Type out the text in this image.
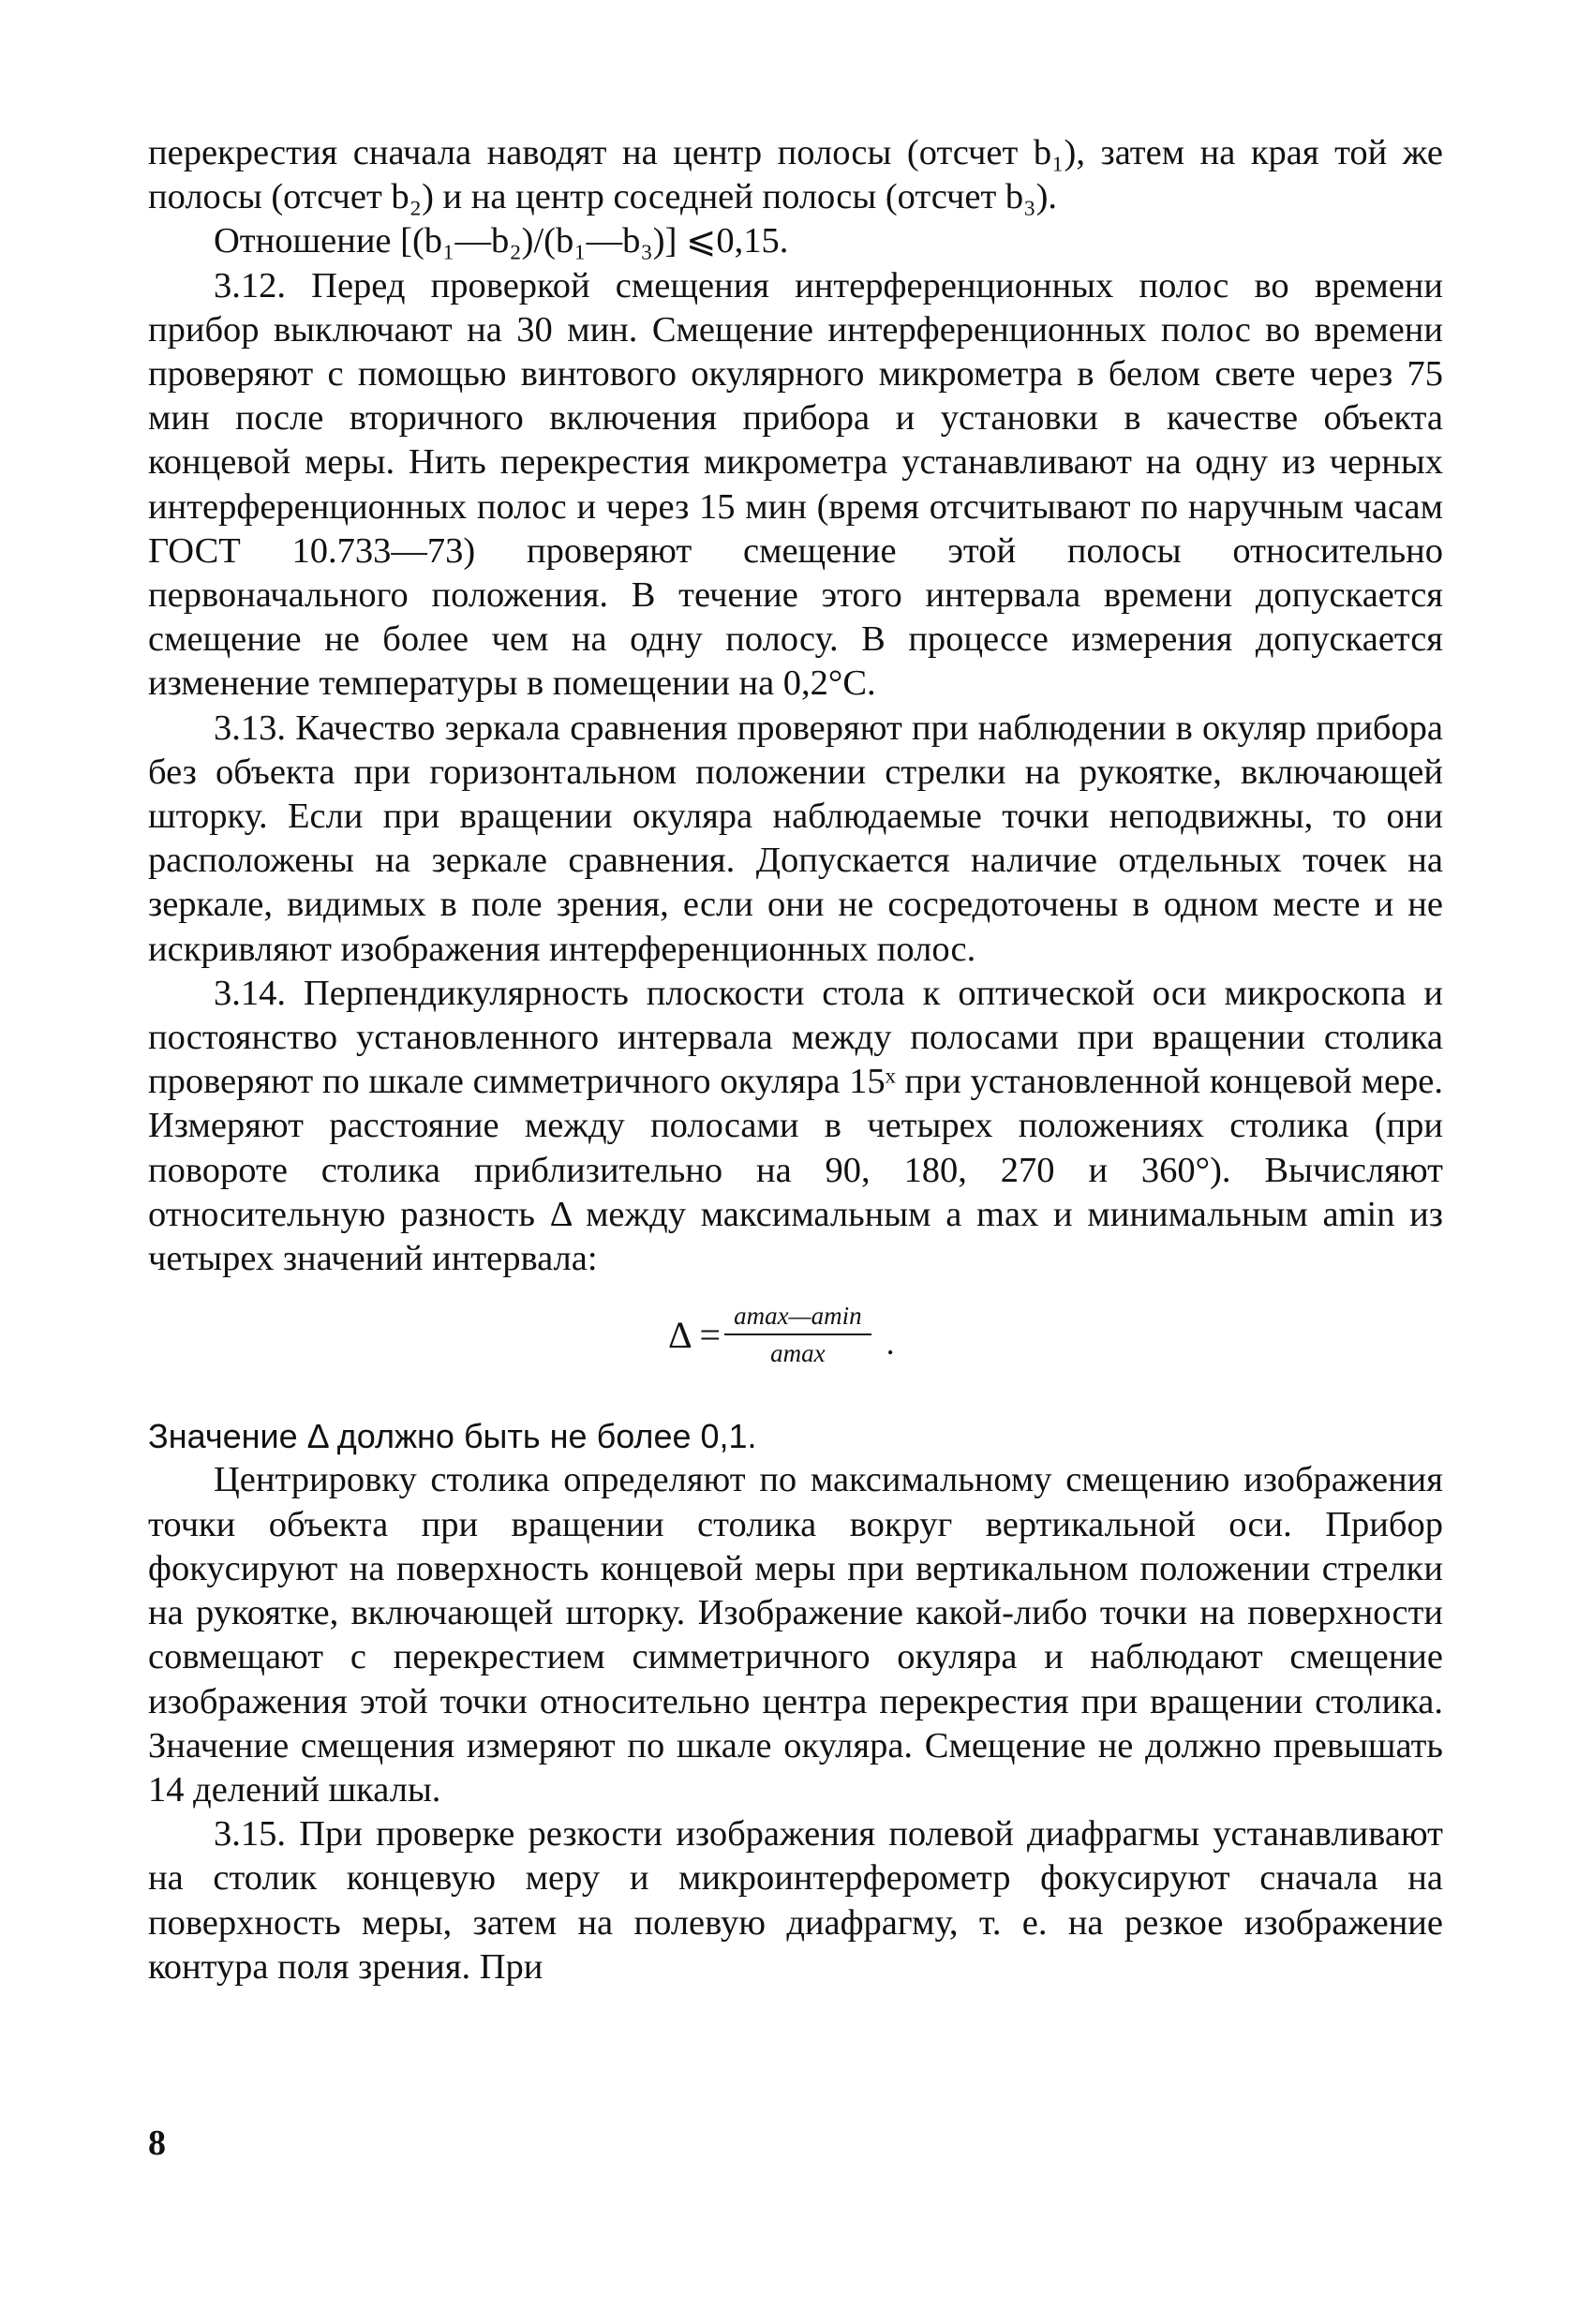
перекрестия сначала наводят на центр полосы (отсчет b₁), затем на края той же полосы (отсчет b₂) и на центр соседней полосы (отсчет b₃).

Отношение [(b₁—b₂)/(b₁—b₃)] ⩽0,15.

3.12. Перед проверкой смещения интерференционных полос во времени прибор выключают на 30 мин. Смещение интерференционных полос во времени проверяют с помощью винтового окулярного микрометра в белом свете через 75 мин после вторичного включения прибора и установки в качестве объекта концевой меры. Нить перекрестия микрометра устанавливают на одну из черных интерференционных полос и через 15 мин (время отсчитывают по наручным часам ГОСТ 10.733—73) проверяют смещение этой полосы относительно первоначального положения. В течение этого интервала времени допускается смещение не более чем на одну полосу. В процессе измерения допускается изменение температуры в помещении на 0,2°С.

3.13. Качество зеркала сравнения проверяют при наблюдении в окуляр прибора без объекта при горизонтальном положении стрелки на рукоятке, включающей шторку. Если при вращении окуляра наблюдаемые точки неподвижны, то они расположены на зеркале сравнения. Допускается наличие отдельных точек на зеркале, видимых в поле зрения, если они не сосредоточены в одном месте и не искривляют изображения интерференционных полос.

3.14. Перпендикулярность плоскости стола к оптической оси микроскопа и постоянство установленного интервала между полосами при вращении столика проверяют по шкале симметричного окуляра 15ˣ при установленной концевой мере. Измеряют расстояние между полосами в четырех положениях столика (при повороте столика приблизительно на 90, 180, 270 и 360°). Вычисляют относительную разность Δ между максимальным a max и минимальным amin из четырех значений интервала:

$\Delta = \frac{amax—amin}{amax}$ .

Значение Δ должно быть не более 0,1.

Центрировку столика определяют по максимальному смещению изображения точки объекта при вращении столика вокруг вертикальной оси. Прибор фокусируют на поверхность концевой меры при вертикальном положении стрелки на рукоятке, включающей шторку. Изображение какой-либо точки на поверхности совмещают с перекрестием симметричного окуляра и наблюдают смещение изображения этой точки относительно центра перекрестия при вращении столика. Значение смещения измеряют по шкале окуляра. Смещение не должно превышать 14 делений шкалы.

3.15. При проверке резкости изображения полевой диафрагмы устанавливают на столик концевую меру и микроинтерферометр фокусируют сначала на поверхность меры, затем на полевую диафрагму, т. е. на резкое изображение контура поля зрения. При

8
